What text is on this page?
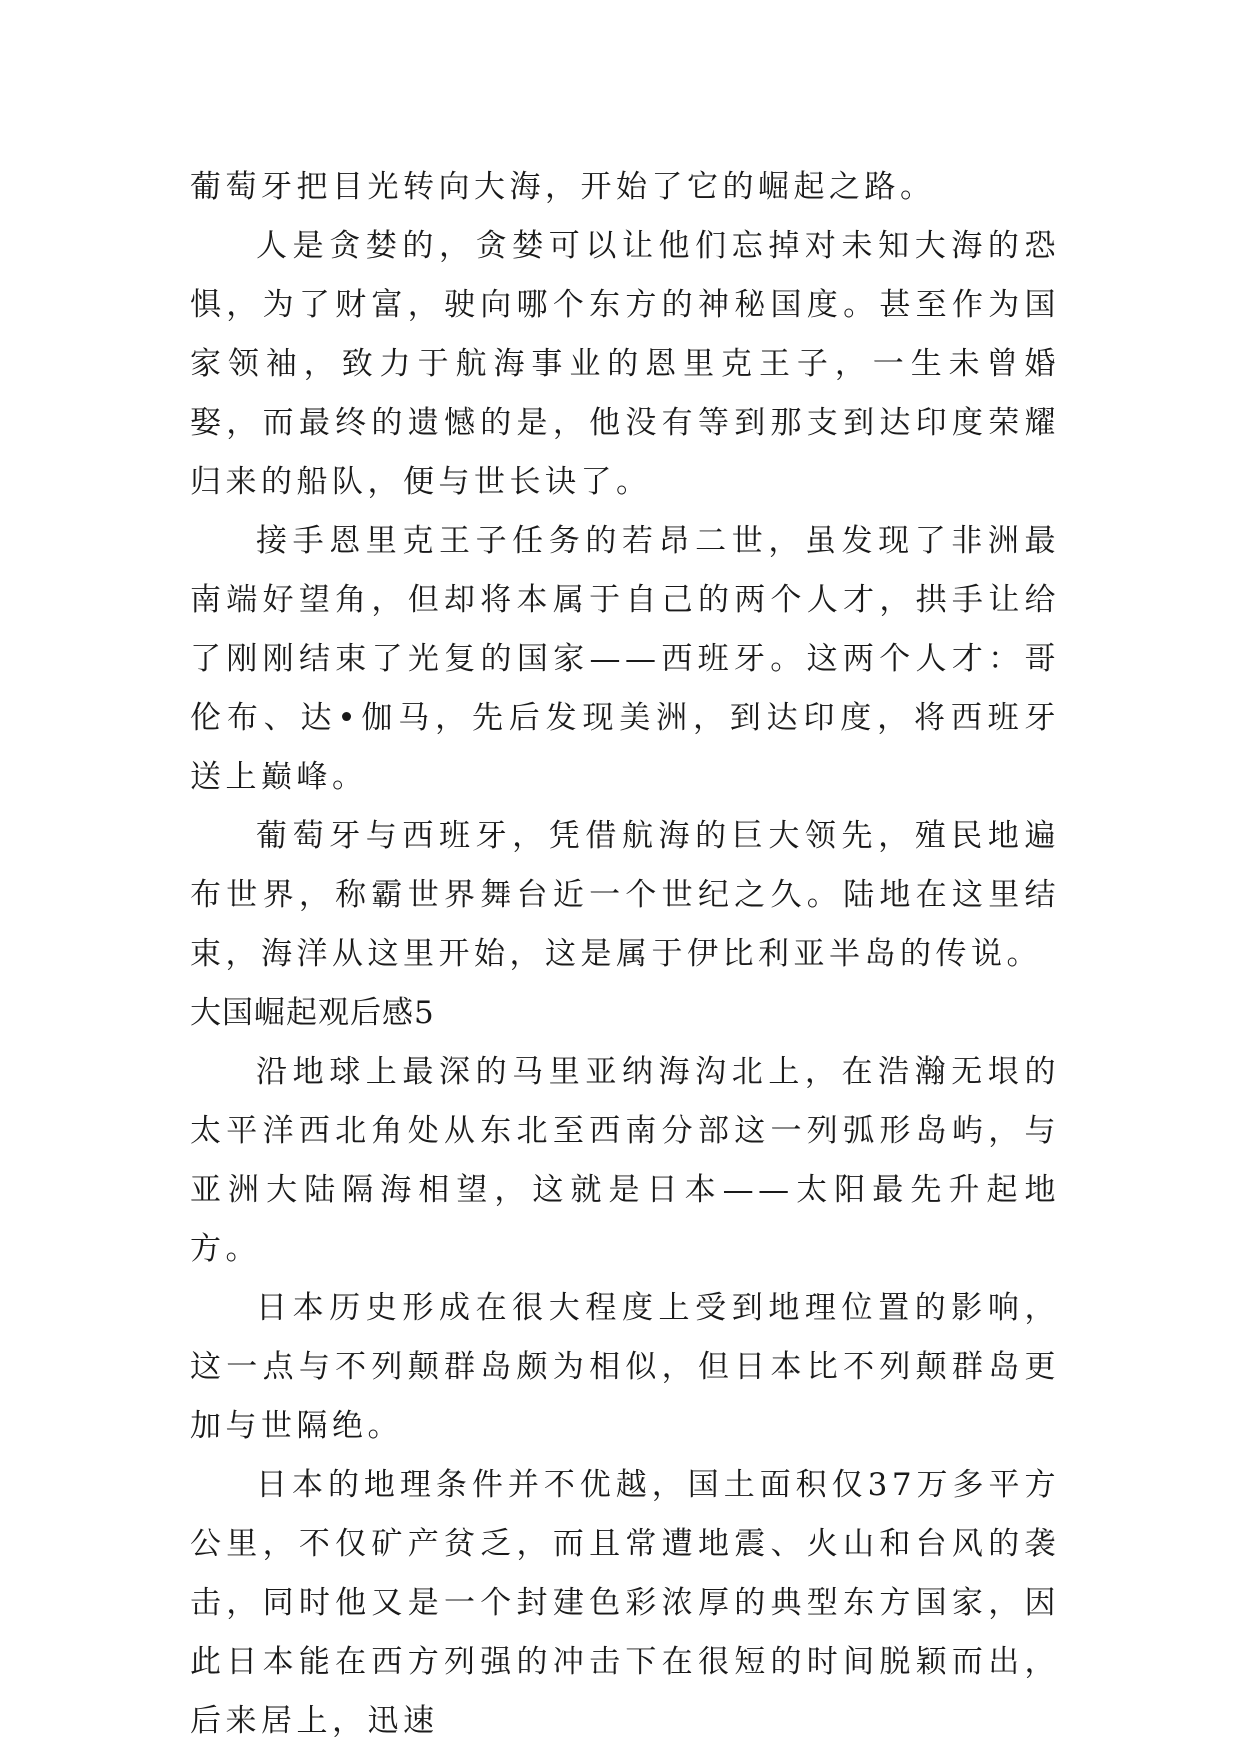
葡萄牙把目光转向大海，开始了它的崛起之路。

人是贪婪的，贪婪可以让他们忘掉对未知大海的恐惧，为了财富，驶向哪个东方的神秘国度。甚至作为国家领袖，致力于航海事业的恩里克王子，一生未曾婚娶，而最终的遗憾的是，他没有等到那支到达印度荣耀归来的船队，便与世长诀了。

接手恩里克王子任务的若昂二世，虽发现了非洲最南端好望角，但却将本属于自己的两个人才，拱手让给了刚刚结束了光复的国家——西班牙。这两个人才：哥伦布、达•伽马，先后发现美洲，到达印度，将西班牙送上巅峰。

葡萄牙与西班牙，凭借航海的巨大领先，殖民地遍布世界，称霸世界舞台近一个世纪之久。陆地在这里结束，海洋从这里开始，这是属于伊比利亚半岛的传说。

大国崛起观后感5

沿地球上最深的马里亚纳海沟北上，在浩瀚无垠的太平洋西北角处从东北至西南分部这一列弧形岛屿，与亚洲大陆隔海相望，这就是日本——太阳最先升起地方。

日本历史形成在很大程度上受到地理位置的影响，这一点与不列颠群岛颇为相似，但日本比不列颠群岛更加与世隔绝。

日本的地理条件并不优越，国土面积仅37万多平方公里，不仅矿产贫乏，而且常遭地震、火山和台风的袭击，同时他又是一个封建色彩浓厚的典型东方国家，因此日本能在西方列强的冲击下在很短的时间脱颖而出，后来居上，迅速
